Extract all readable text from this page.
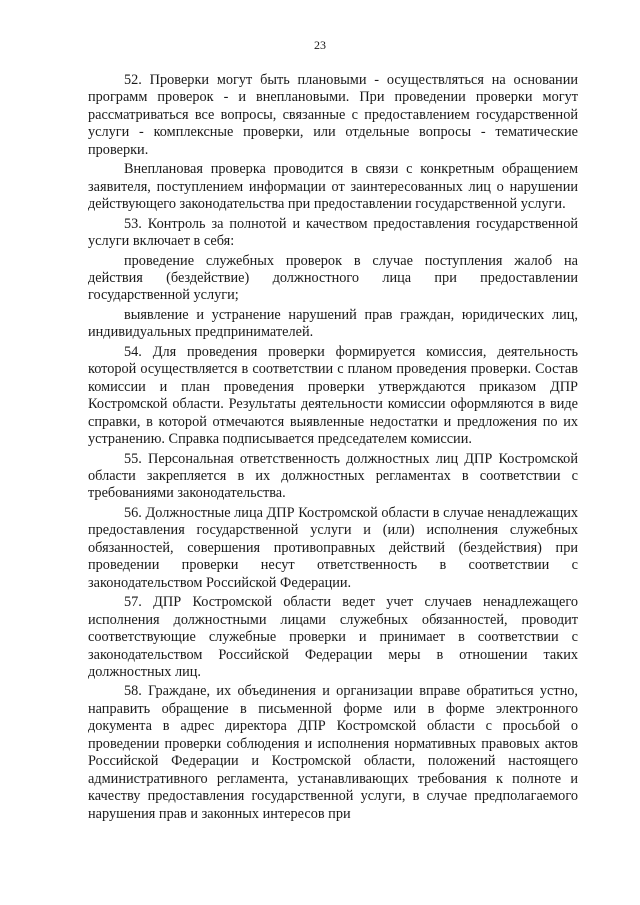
23

52. Проверки могут быть плановыми - осуществляться на основании программ проверок - и внеплановыми. При проведении проверки могут рассматриваться все вопросы, связанные с предоставлением государственной услуги - комплексные проверки, или отдельные вопросы - тематические проверки.

Внеплановая проверка проводится в связи с конкретным обращением заявителя, поступлением информации от заинтересованных лиц о нарушении действующего законодательства при предоставлении государственной услуги.

53. Контроль за полнотой и качеством предоставления государственной услуги включает в себя:

проведение служебных проверок в случае поступления жалоб на действия (бездействие) должностного лица при предоставлении государственной услуги;

выявление и устранение нарушений прав граждан, юридических лиц, индивидуальных предпринимателей.

54. Для проведения проверки формируется комиссия, деятельность которой осуществляется в соответствии с планом проведения проверки. Состав комиссии и план проведения проверки утверждаются приказом ДПР Костромской области. Результаты деятельности комиссии оформляются в виде справки, в которой отмечаются выявленные недостатки и предложения по их устранению. Справка подписывается председателем комиссии.

55. Персональная ответственность должностных лиц ДПР Костромской области закрепляется в их должностных регламентах в соответствии с требованиями законодательства.

56. Должностные лица ДПР Костромской области в случае ненадлежащих предоставления государственной услуги и (или) исполнения служебных обязанностей, совершения противоправных действий (бездействия) при проведении проверки несут ответственность в соответствии с законодательством Российской Федерации.

57. ДПР Костромской области ведет учет случаев ненадлежащего исполнения должностными лицами служебных обязанностей, проводит соответствующие служебные проверки и принимает в соответствии с законодательством Российской Федерации меры в отношении таких должностных лиц.

58. Граждане, их объединения и организации вправе обратиться устно, направить обращение в письменной форме или в форме электронного документа в адрес директора ДПР Костромской области с просьбой о проведении проверки соблюдения и исполнения нормативных правовых актов Российской Федерации и Костромской области, положений настоящего административного регламента, устанавливающих требования к полноте и качеству предоставления государственной услуги, в случае предполагаемого нарушения прав и законных интересов при
